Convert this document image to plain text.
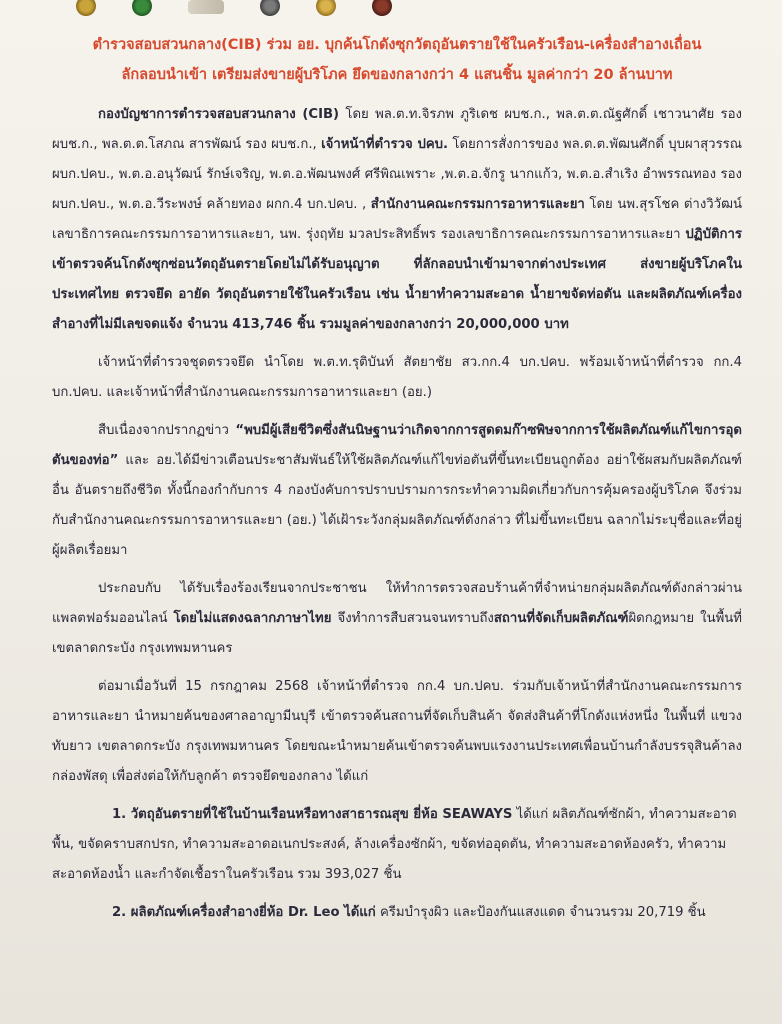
ตำรวจสอบสวนกลาง(CIB) ร่วม อย. บุกค้นโกดังซุกวัตถุอันตรายใช้ในครัวเรือน-เครื่องสำอางเถื่อน
ลักลอบนำเข้า เตรียมส่งขายผู้บริโภค ยึดของกลางกว่า 4 แสนชิ้น มูลค่ากว่า 20 ล้านบาท

กองบัญชาการตำรวจสอบสวนกลาง (CIB) โดย พล.ต.ท.จิรภพ ภูริเดช ผบช.ก., พล.ต.ต.ณัฐศักดิ์ เชาวนาศัย รอง ผบช.ก., พล.ต.ต.โสภณ สารพัฒน์ รอง ผบช.ก., เจ้าหน้าที่ตำรวจ ปคบ. โดยการสั่งการของ พล.ต.ต.พัฒนศักดิ์ บุบผาสุวรรณ ผบก.ปคบ., พ.ต.อ.อนุวัฒน์ รักษ์เจริญ, พ.ต.อ.พัฒนพงศ์ ศรีพิณเพราะ ,พ.ต.อ.จักรู นากแก้ว, พ.ต.อ.สำเริง อำพรรณทอง รอง ผบก.ปคบ., พ.ต.อ.วีระพงษ์ คล้ายทอง ผกก.4 บก.ปคบ. , สำนักงานคณะกรรมการอาหารและยา โดย นพ.สุรโชค ต่างวิวัฒน์ เลขาธิการคณะกรรมการอาหารและยา, นพ. รุ่งฤทัย มวลประสิทธิ์พร รองเลขาธิการคณะกรรมการอาหารและยา ปฏิบัติการเข้าตรวจค้นโกดังซุกซ่อนวัตถุอันตรายโดยไม่ได้รับอนุญาต ที่ลักลอบนำเข้ามาจากต่างประเทศ ส่งขายผู้บริโภคในประเทศไทย ตรวจยึด อายัด วัตถุอันตรายใช้ในครัวเรือน เช่น น้ำยาทำความสะอาด น้ำยาขจัดท่อตัน และผลิตภัณฑ์เครื่องสำอางที่ไม่มีเลขจดแจ้ง จำนวน 413,746 ชิ้น รวมมูลค่าของกลางกว่า 20,000,000 บาท

เจ้าหน้าที่ตำรวจชุดตรวจยึด นำโดย พ.ต.ท.รุติบันท์ สัตยาชัย สว.กก.4 บก.ปคบ. พร้อมเจ้าหน้าที่ตำรวจ กก.4 บก.ปคบ. และเจ้าหน้าที่สำนักงานคณะกรรมการอาหารและยา (อย.)

สืบเนื่องจากปรากฏข่าว “พบมีผู้เสียชีวิตซึ่งสันนิษฐานว่าเกิดจากการสูดดมก๊าซพิษจากการใช้ผลิตภัณฑ์แก้ไขการอุดตันของท่อ” และ อย.ได้มีข่าวเตือนประชาสัมพันธ์ให้ใช้ผลิตภัณฑ์แก้ไขท่อตันที่ขึ้นทะเบียนถูกต้อง อย่าใช้ผสมกับผลิตภัณฑ์อื่น อันตรายถึงชีวิต ทั้งนี้กองกำกับการ 4 กองบังคับการปราบปรามการกระทำความผิดเกี่ยวกับการคุ้มครองผู้บริโภค จึงร่วมกับสำนักงานคณะกรรมการอาหารและยา (อย.) ได้เฝ้าระวังกลุ่มผลิตภัณฑ์ดังกล่าว ที่ไม่ขึ้นทะเบียน ฉลากไม่ระบุชื่อและที่อยู่ผู้ผลิตเรื่อยมา

ประกอบกับ ได้รับเรื่องร้องเรียนจากประชาชน ให้ทำการตรวจสอบร้านค้าที่จำหน่ายกลุ่มผลิตภัณฑ์ดังกล่าวผ่านแพลตฟอร์มออนไลน์ โดยไม่แสดงฉลากภาษาไทย จึงทำการสืบสวนจนทราบถึงสถานที่จัดเก็บผลิตภัณฑ์ผิดกฎหมาย ในพื้นที่ เขตลาดกระบัง กรุงเทพมหานคร

ต่อมาเมื่อวันที่ 15 กรกฎาคม 2568 เจ้าหน้าที่ตำรวจ กก.4 บก.ปคบ. ร่วมกับเจ้าหน้าที่สำนักงานคณะกรรมการอาหารและยา นำหมายค้นของศาลอาญามีนบุรี เข้าตรวจค้นสถานที่จัดเก็บสินค้า จัดส่งสินค้าที่โกดังแห่งหนึ่ง ในพื้นที่ แขวงทับยาว เขตลาดกระบัง กรุงเทพมหานคร โดยขณะนำหมายค้นเข้าตรวจค้นพบแรงงานประเทศเพื่อนบ้านกำลังบรรจุสินค้าลงกล่องพัสดุ เพื่อส่งต่อให้กับลูกค้า ตรวจยึดของกลาง ได้แก่

1. วัตถุอันตรายที่ใช้ในบ้านเรือนหรือทางสาธารณสุข ยี่ห้อ SEAWAYS ได้แก่ ผลิตภัณฑ์ซักผ้า, ทำความสะอาดพื้น, ขจัดคราบสกปรก, ทำความสะอาดอเนกประสงค์, ล้างเครื่องซักผ้า, ขจัดท่ออุดตัน, ทำความสะอาดห้องครัว, ทำความสะอาดห้องน้ำ และกำจัดเชื้อราในครัวเรือน รวม 393,027 ชิ้น

2. ผลิตภัณฑ์เครื่องสำอางยี่ห้อ Dr. Leo ได้แก่ ครีมบำรุงผิว และป้องกันแสงแดด จำนวนรวม 20,719 ชิ้น
